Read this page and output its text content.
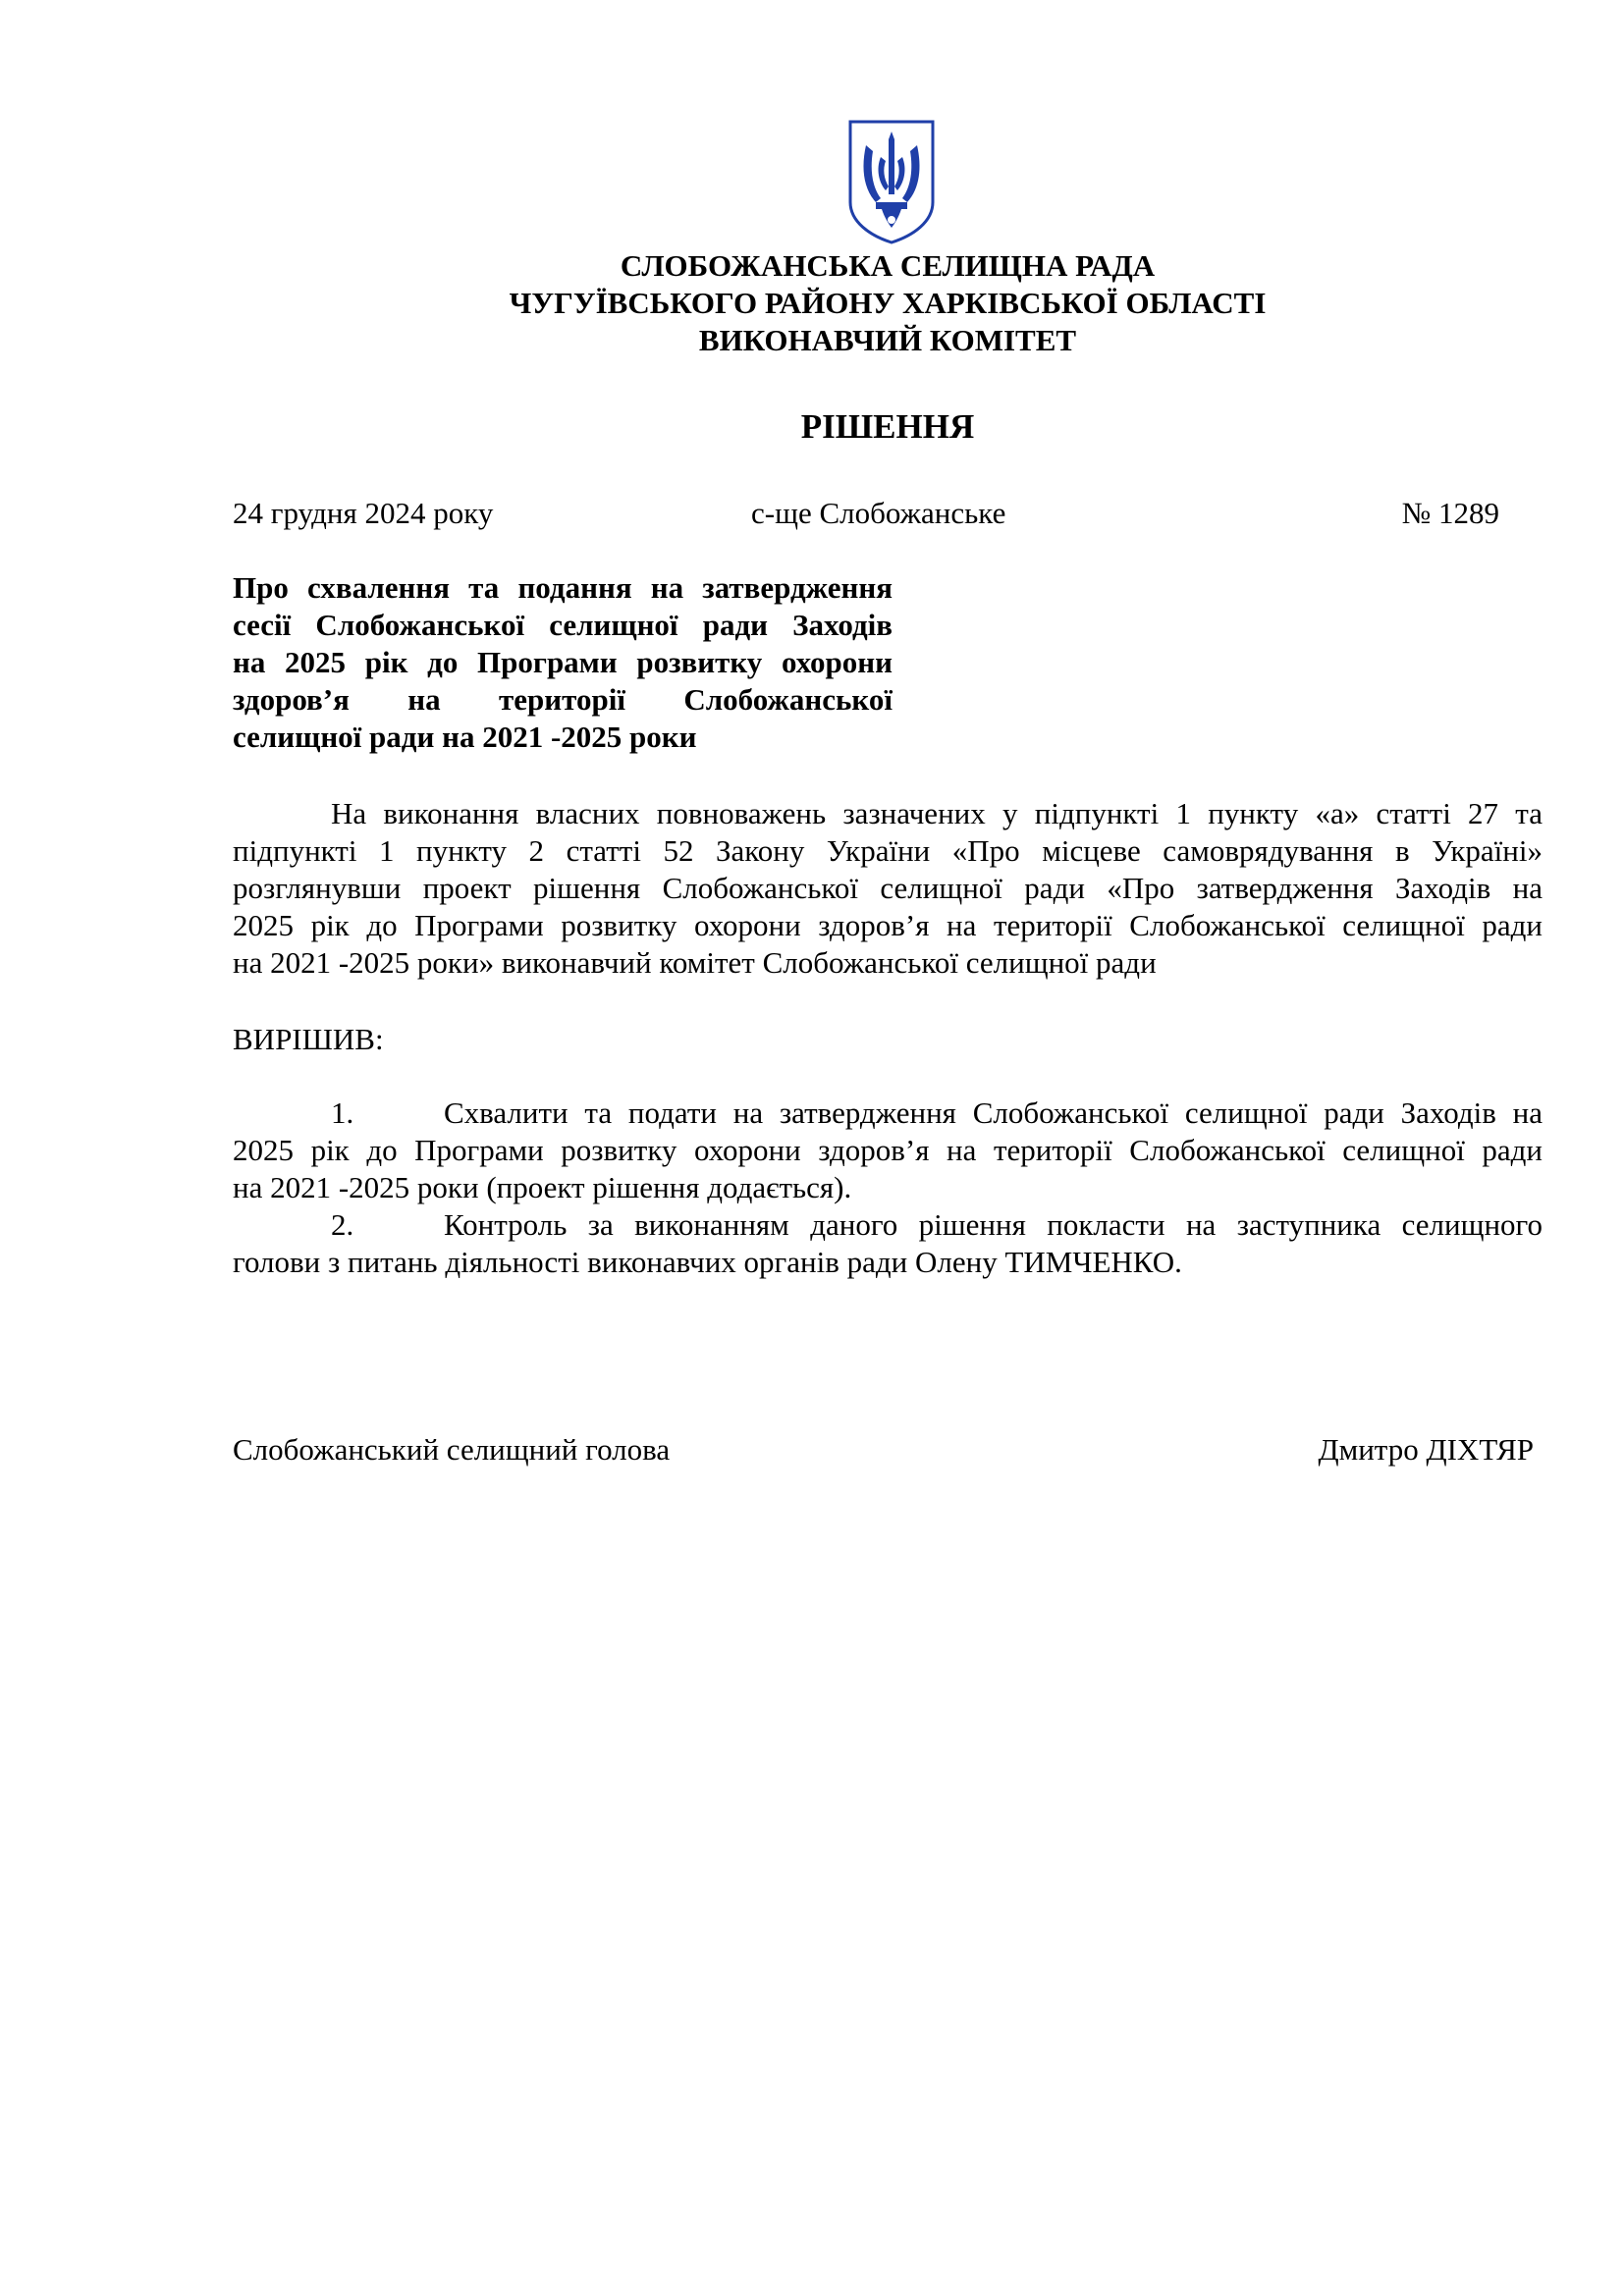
СЛОБОЖАНСЬКА СЕЛИЩНА РАДА
ЧУГУЇВСЬКОГО РАЙОНУ ХАРКІВСЬКОЇ ОБЛАСТІ
ВИКОНАВЧИЙ КОМІТЕТ
РІШЕННЯ
24 грудня 2024 року	с-ще Слобожанське	№ 1289
Про схвалення та подання на затвердження
сесії Слобожанської селищної ради Заходів
на 2025 рік до Програми розвитку охорони
здоров’я на території Слобожанської
селищної ради на 2021 -2025 роки
На виконання власних повноважень зазначених у підпункті 1 пункту «а» статті 27 та
підпункті 1 пункту 2 статті 52 Закону України «Про місцеве самоврядування в Україні»
розглянувши проект рішення Слобожанської селищної ради «Про затвердження Заходів на
2025 рік до Програми розвитку охорони здоров’я на території Слобожанської селищної ради
на 2021 -2025 роки» виконавчий комітет Слобожанської селищної ради
ВИРІШИВ:
1.	Схвалити та подати на затвердження Слобожанської селищної ради Заходів на
2025 рік до Програми розвитку охорони здоров’я на території Слобожанської селищної ради
на 2021 -2025 роки (проект рішення додається).
2.	Контроль за виконанням даного рішення покласти на заступника селищного
голови з питань діяльності виконавчих органів ради Олену ТИМЧЕНКО.
Слобожанський селищний голова	Дмитро ДІХТЯР
